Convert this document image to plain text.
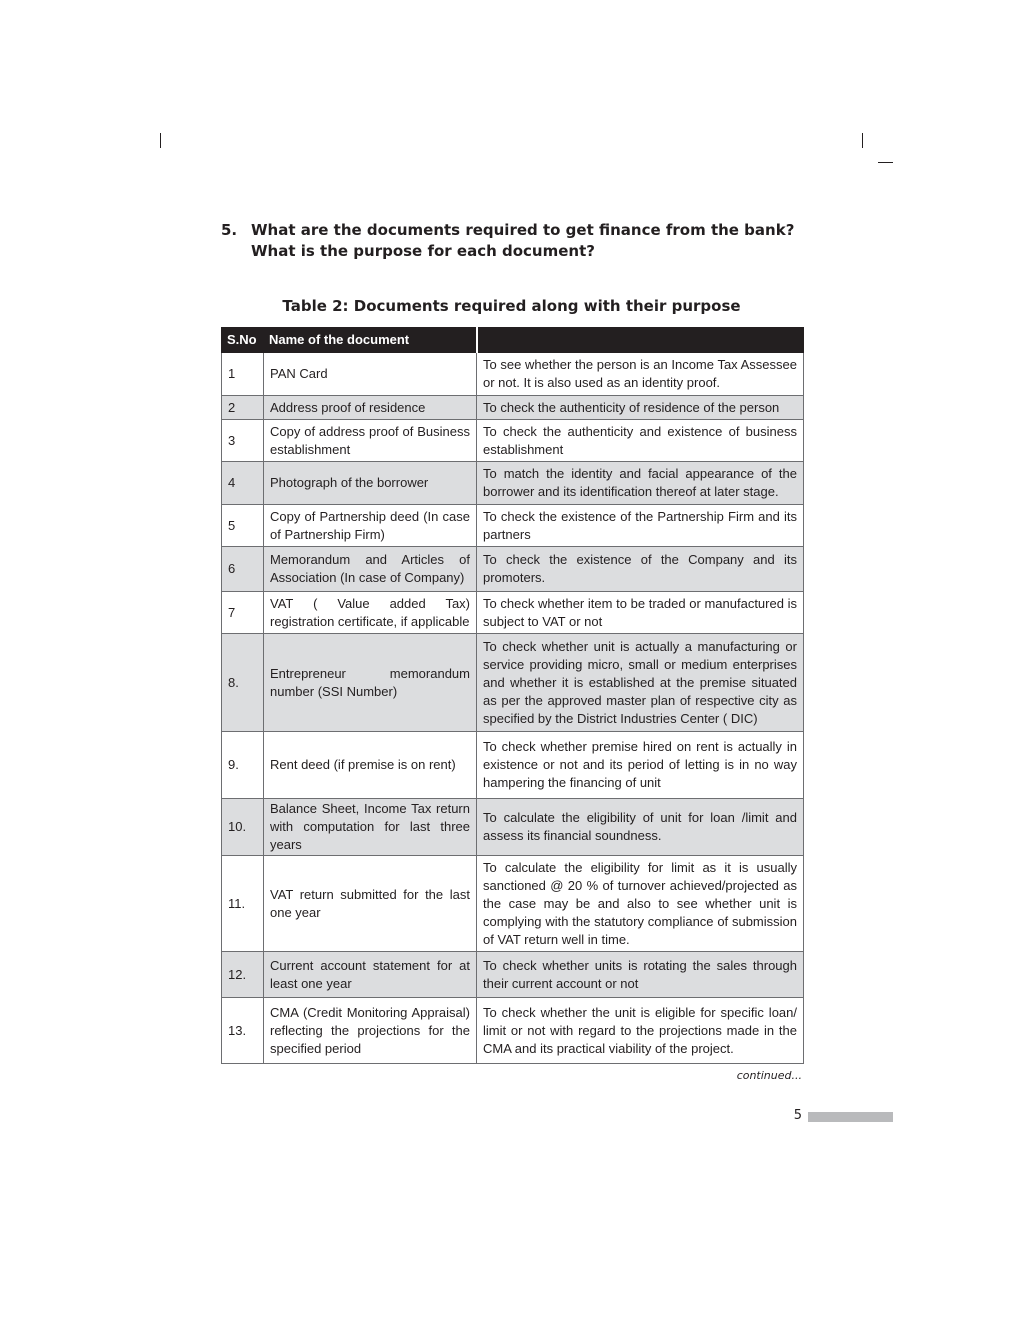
5. What are the documents required to get finance from the bank?
What is the purpose for each document?
Table 2: Documents required along with their purpose
S.No	Name of the document	
1	PAN Card	To see whether the person is an Income Tax Assessee or not. It is also used as an identity proof.
2	Address proof of residence	To check the authenticity of residence of the person
3	Copy of address proof of Business establishment	To check the authenticity and existence of business establishment
4	Photograph of the borrower	To match the identity and facial appearance of the borrower and its identification thereof at later stage.
5	Copy of Partnership deed (In case of Partnership Firm)	To check the existence of the Partnership Firm and its partners
6	Memorandum and Articles of Association (In case of Company)	To check the existence of the Company and its promoters.
7	VAT ( Value added Tax) registration certificate, if applicable	To check whether item to be traded or manufactured is subject to VAT or not
8.	Entrepreneur memorandum number (SSI Number)	To check whether unit is actually a manufacturing or service providing micro, small or medium enterprises and whether it is established at the premise situated as per the approved master plan of respective city as specified by the District Industries Center ( DIC)
9.	Rent deed (if premise is on rent)	To check whether premise hired on rent is actually in existence or not and its period of letting is in no way hampering the financing of unit
10.	Balance Sheet, Income Tax return with computation for last three years	To calculate the eligibility of unit for loan /limit and assess its financial soundness.
11.	VAT return submitted for the last one year	To calculate the eligibility for limit as it is usually sanctioned @ 20 % of turnover achieved/projected as the case may be and also to see whether unit is complying with the statutory compliance of submission of VAT return well in time.
12.	Current account statement for at least one year	To check whether units is rotating the sales through their current account or not
13.	CMA (Credit Monitoring Appraisal) reflecting the projections for the specified period	To check whether the unit is eligible for specific loan/ limit or not with regard to the projections made in the CMA and its practical viability of the project.
continued...
5
